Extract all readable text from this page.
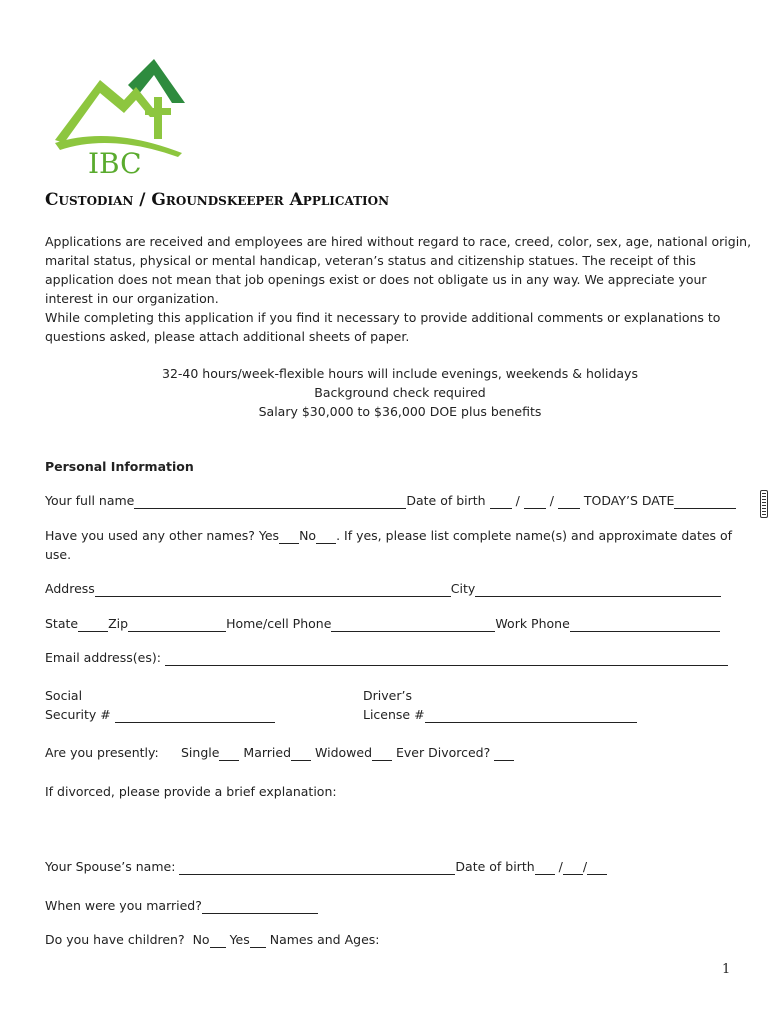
IBC
Custodian / Groundskeeper Application
Applications are received and employees are hired without regard to race, creed, color, sex, age, national origin, marital status, physical or mental handicap, veteran’s status and citizenship statues. The receipt of this application does not mean that job openings exist or does not obligate us in any way. We appreciate your interest in our organization.
While completing this application if you find it necessary to provide additional comments or explanations to questions asked, please attach additional sheets of paper.
32-40 hours/week-flexible hours will include evenings, weekends & holidays
Background check required
Salary $30,000 to $36,000 DOE plus benefits
Personal Information
Your full name	Date of birth  /  /  TODAY’S DATE
Have you used any other names? Yes No . If yes, please list complete name(s) and approximate dates of
use.
Address	City
State Zip	Home/cell Phone	Work Phone
Email address(es):
Social
Security #
Driver’s
License #
Are you presently: Single Married Widowed Ever Divorced?
If divorced, please provide a brief explanation:
Your Spouse’s name:	Date of birth / /
When were you married?
Do you have children? No Yes Names and Ages:
1
